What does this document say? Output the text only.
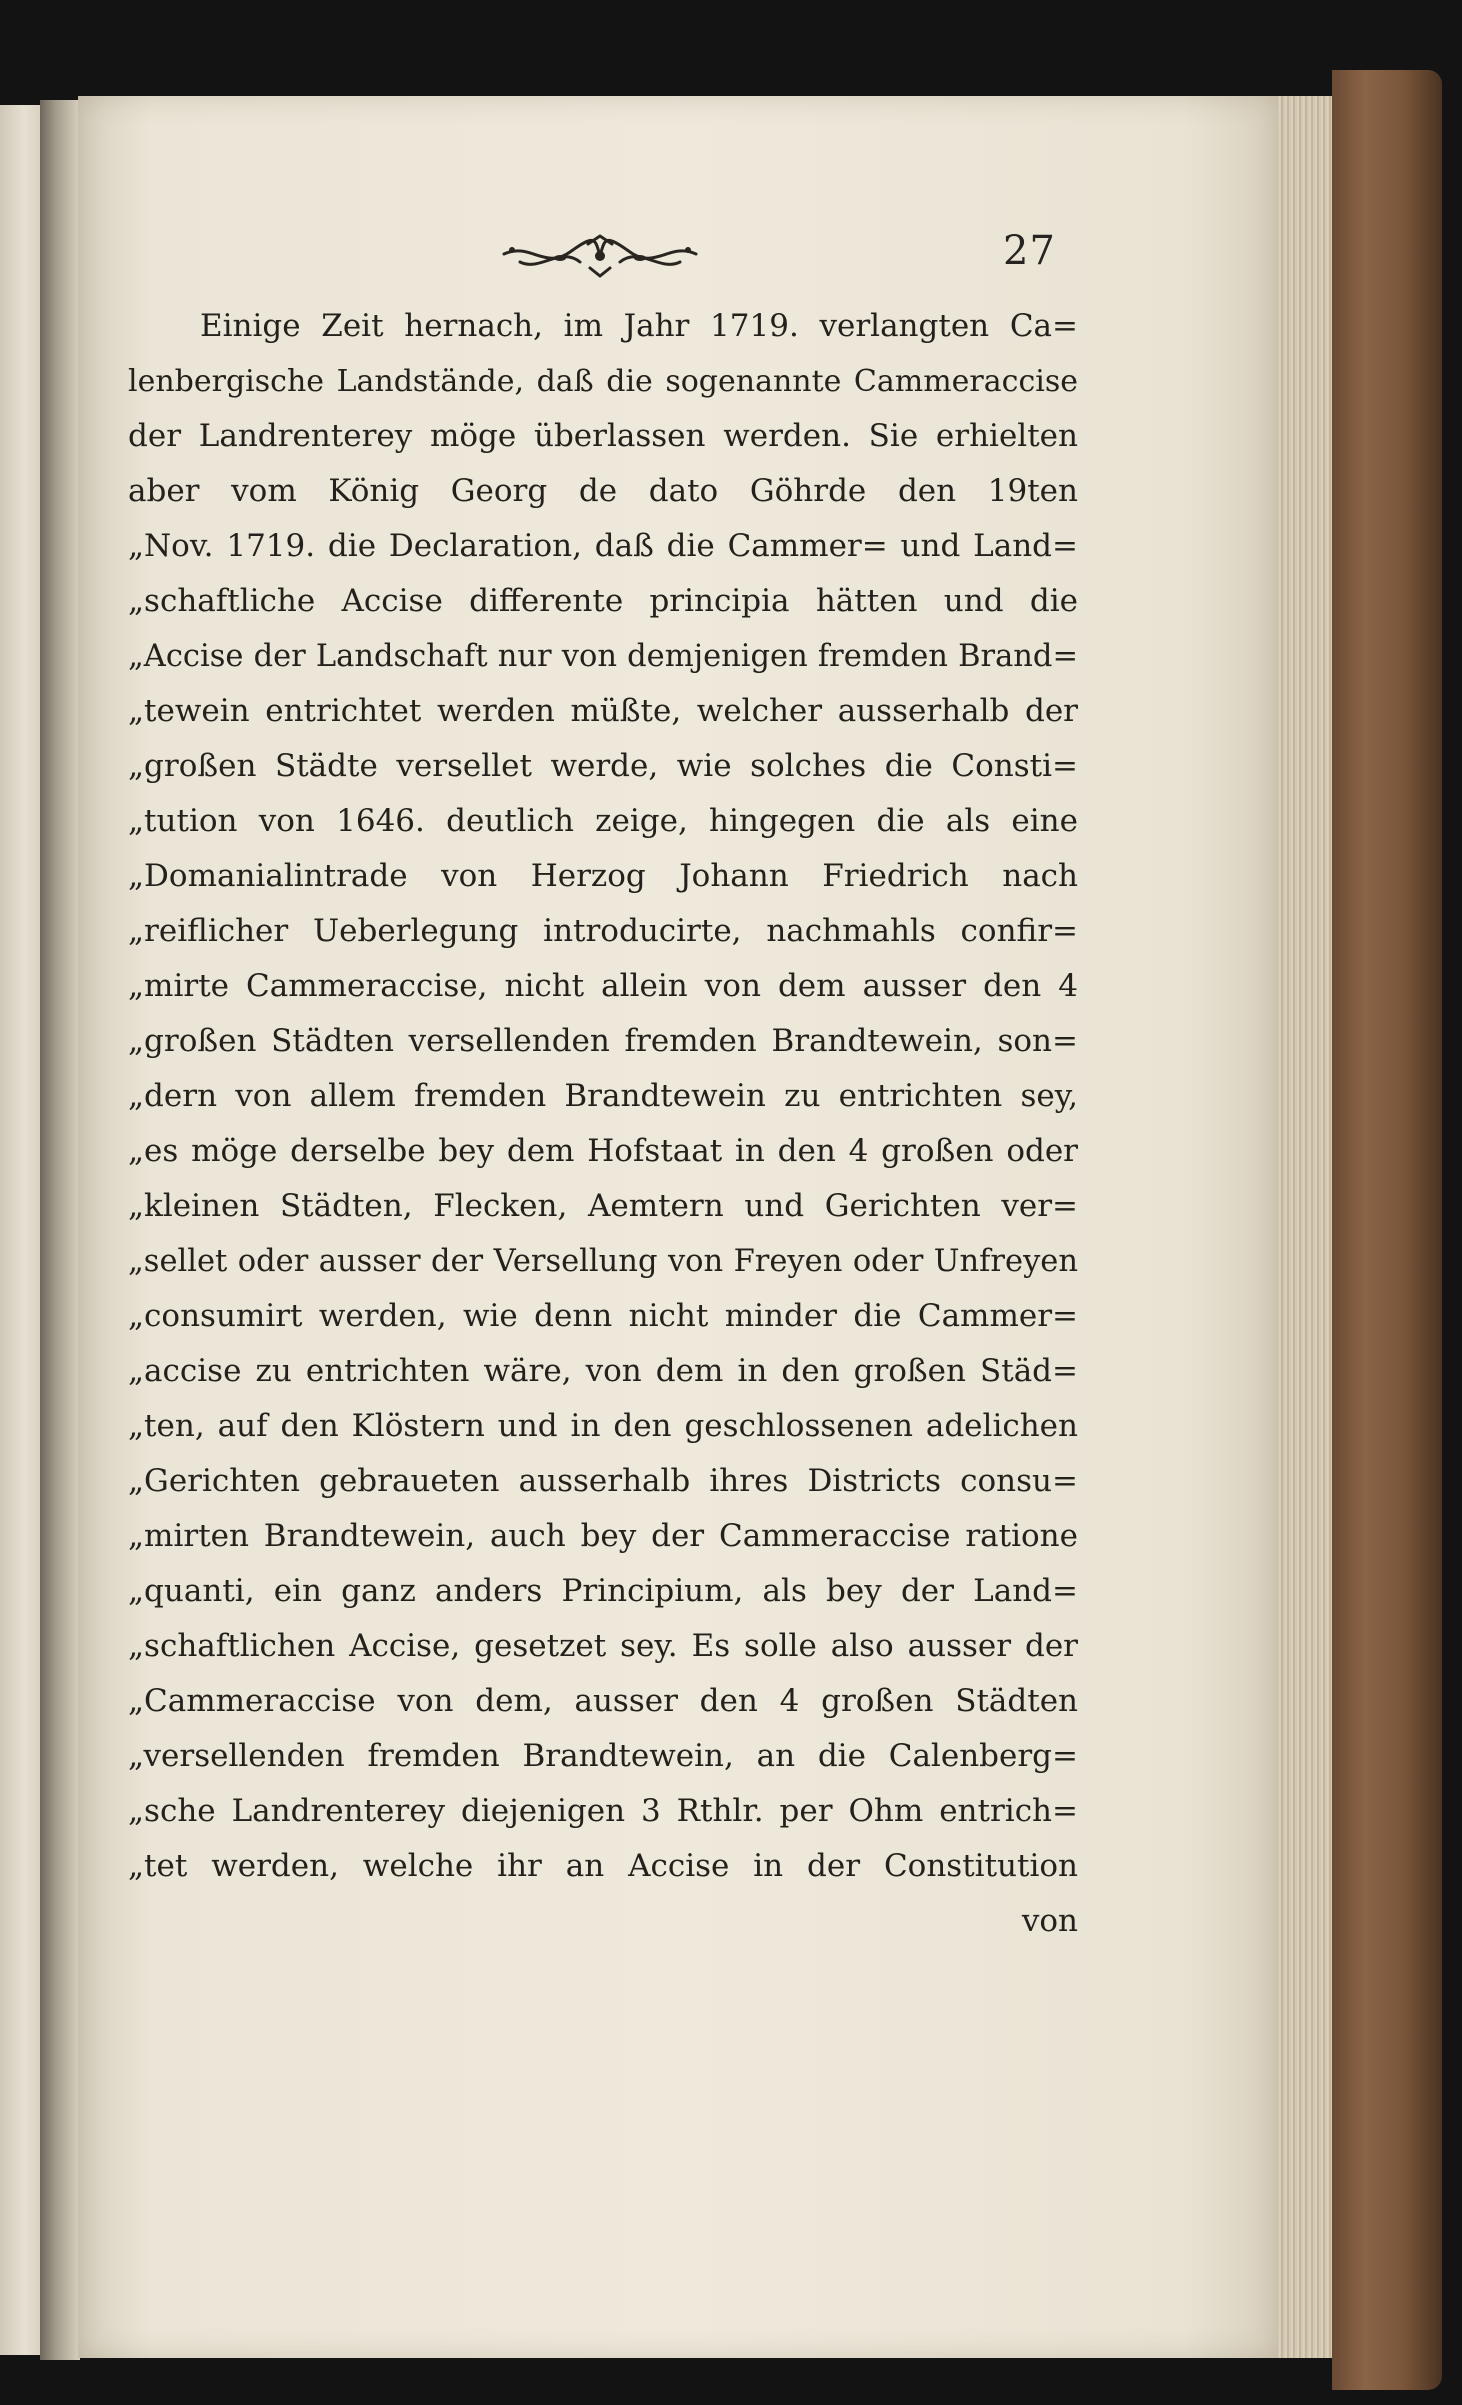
27
Einige Zeit hernach, im Jahr 1719. verlangten Ca=
lenbergische Landstände, daß die sogenannte Cammeraccise
der Landrenterey möge überlassen werden. Sie erhielten
aber vom König Georg de dato Göhrde den 19ten
„Nov. 1719. die Declaration, daß die Cammer= und Land=
„schaftliche Accise differente principia hätten und die
„Accise der Landschaft nur von demjenigen fremden Brand=
„tewein entrichtet werden müßte, welcher ausserhalb der
„großen Städte versellet werde, wie solches die Consti=
„tution von 1646. deutlich zeige, hingegen die als eine
„Domanialintrade von Herzog Johann Friedrich nach
„reiflicher Ueberlegung introducirte, nachmahls confir=
„mirte Cammeraccise, nicht allein von dem ausser den 4
„großen Städten versellenden fremden Brandtewein, son=
„dern von allem fremden Brandtewein zu entrichten sey,
„es möge derselbe bey dem Hofstaat in den 4 großen oder
„kleinen Städten, Flecken, Aemtern und Gerichten ver=
„sellet oder ausser der Versellung von Freyen oder Unfreyen
„consumirt werden, wie denn nicht minder die Cammer=
„accise zu entrichten wäre, von dem in den großen Städ=
„ten, auf den Klöstern und in den geschlossenen adelichen
„Gerichten gebraueten ausserhalb ihres Districts consu=
„mirten Brandtewein, auch bey der Cammeraccise ratione
„quanti, ein ganz anders Principium, als bey der Land=
„schaftlichen Accise, gesetzet sey. Es solle also ausser der
„Cammeraccise von dem, ausser den 4 großen Städten
„versellenden fremden Brandtewein, an die Calenberg=
„sche Landrenterey diejenigen 3 Rthlr. per Ohm entrich=
„tet werden, welche ihr an Accise in der Constitution
von
